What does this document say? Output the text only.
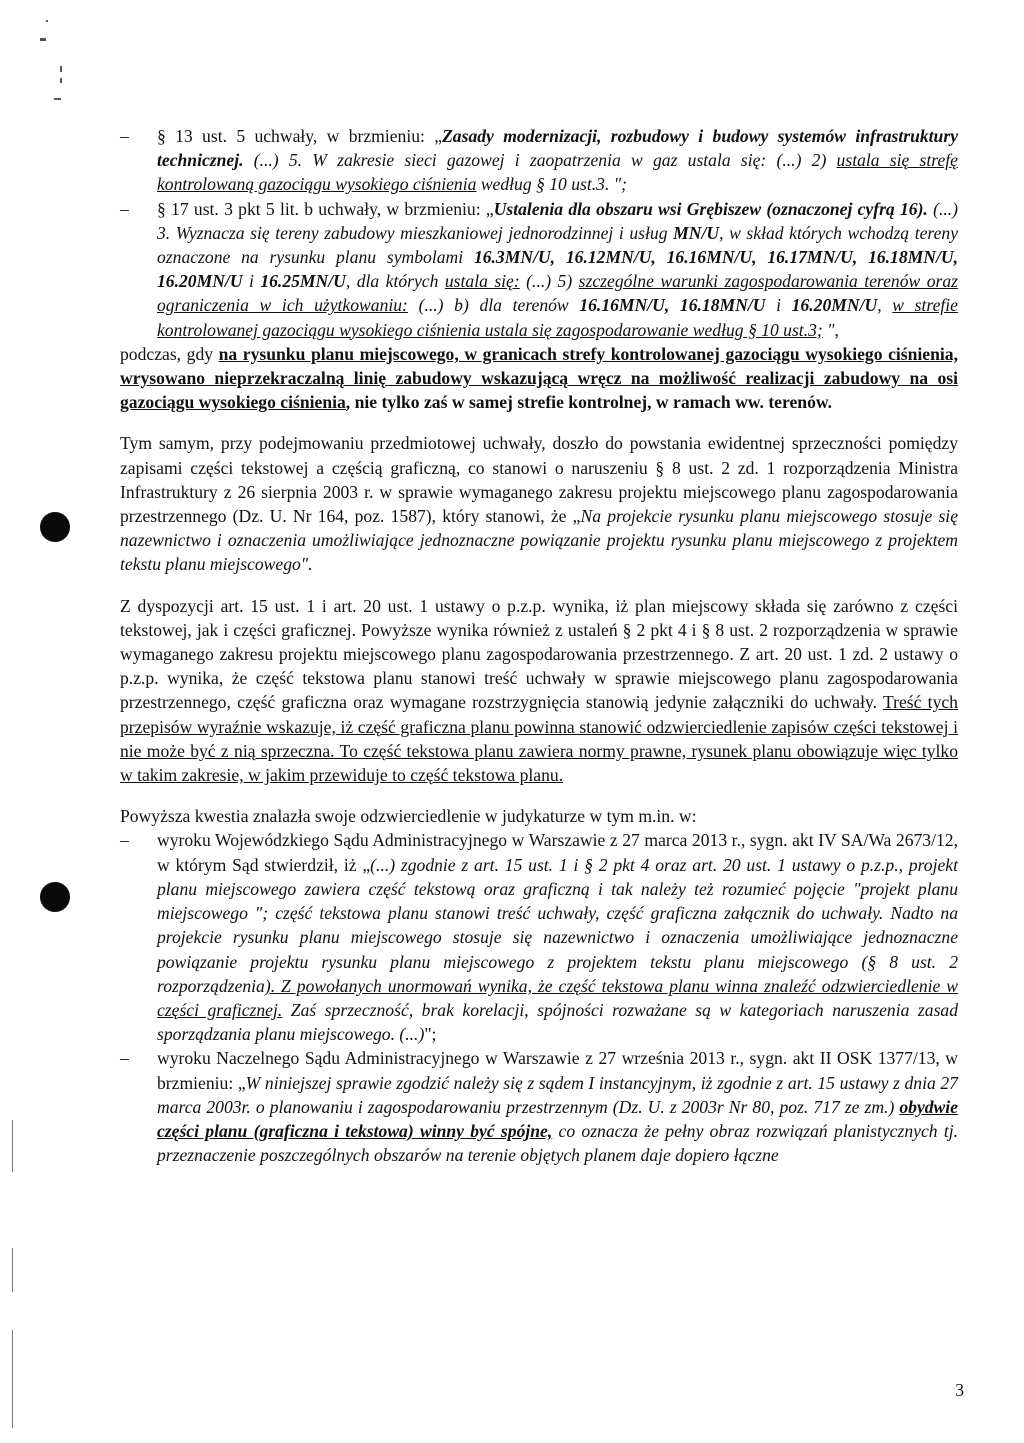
– § 13 ust. 5 uchwały, w brzmieniu: „Zasady modernizacji, rozbudowy i budowy systemów infrastruktury technicznej. (...) 5. W zakresie sieci gazowej i zaopatrzenia w gaz ustala się: (...) 2) ustala się strefę kontrolowaną gazociągu wysokiego ciśnienia według § 10 ust.3. ";
– § 17 ust. 3 pkt 5 lit. b uchwały, w brzmieniu: „Ustalenia dla obszaru wsi Grębiszew (oznaczonej cyfrą 16). (...) 3. Wyznacza się tereny zabudowy mieszkaniowej jednorodzinnej i usług MN/U, w skład których wchodzą tereny oznaczone na rysunku planu symbolami 16.3MN/U, 16.12MN/U, 16.16MN/U, 16.17MN/U, 16.18MN/U, 16.20MN/U i 16.25MN/U, dla których ustala się: (...) 5) szczególne warunki zagospodarowania terenów oraz ograniczenia w ich użytkowaniu: (...) b) dla terenów 16.16MN/U, 16.18MN/U i 16.20MN/U, w strefie kontrolowanej gazociągu wysokiego ciśnienia ustala się zagospodarowanie według § 10 ust.3; ",

podczas, gdy na rysunku planu miejscowego, w granicach strefy kontrolowanej gazociągu wysokiego ciśnienia, wrysowano nieprzekraczalną linię zabudowy wskazującą wręcz na możliwość realizacji zabudowy na osi gazociągu wysokiego ciśnienia, nie tylko zaś w samej strefie kontrolnej, w ramach ww. terenów.

Tym samym, przy podejmowaniu przedmiotowej uchwały, doszło do powstania ewidentnej sprzeczności pomiędzy zapisami części tekstowej a częścią graficzną, co stanowi o naruszeniu § 8 ust. 2 zd. 1 rozporządzenia Ministra Infrastruktury z 26 sierpnia 2003 r. w sprawie wymaganego zakresu projektu miejscowego planu zagospodarowania przestrzennego (Dz. U. Nr 164, poz. 1587), który stanowi, że „Na projekcie rysunku planu miejscowego stosuje się nazewnictwo i oznaczenia umożliwiające jednoznaczne powiązanie projektu rysunku planu miejscowego z projektem tekstu planu miejscowego".

Z dyspozycji art. 15 ust. 1 i art. 20 ust. 1 ustawy o p.z.p. wynika, iż plan miejscowy składa się zarówno z części tekstowej, jak i części graficznej. Powyższe wynika również z ustaleń § 2 pkt 4 i § 8 ust. 2 rozporządzenia w sprawie wymaganego zakresu projektu miejscowego planu zagospodarowania przestrzennego. Z art. 20 ust. 1 zd. 2 ustawy o p.z.p. wynika, że część tekstowa planu stanowi treść uchwały w sprawie miejscowego planu zagospodarowania przestrzennego, część graficzna oraz wymagane rozstrzygnięcia stanowią jedynie załączniki do uchwały. Treść tych przepisów wyraźnie wskazuje, iż część graficzna planu powinna stanowić odzwierciedlenie zapisów części tekstowej i nie może być z nią sprzeczna. To część tekstowa planu zawiera normy prawne, rysunek planu obowiązuje więc tylko w takim zakresie, w jakim przewiduje to część tekstowa planu.

Powyższa kwestia znalazła swoje odzwierciedlenie w judykaturze w tym m.in. w:

– wyroku Wojewódzkiego Sądu Administracyjnego w Warszawie z 27 marca 2013 r., sygn. akt IV SA/Wa 2673/12, w którym Sąd stwierdził, iż „(...) zgodnie z art. 15 ust. 1 i § 2 pkt 4 oraz art. 20 ust. 1 ustawy o p.z.p., projekt planu miejscowego zawiera część tekstową oraz graficzną i tak należy też rozumieć pojęcie "projekt planu miejscowego "; część tekstowa planu stanowi treść uchwały, część graficzna załącznik do uchwały. Nadto na projekcie rysunku planu miejscowego stosuje się nazewnictwo i oznaczenia umożliwiające jednoznaczne powiązanie projektu rysunku planu miejscowego z projektem tekstu planu miejscowego (§ 8 ust. 2 rozporządzenia). Z powołanych unormowań wynika, że część tekstowa planu winna znaleźć odzwierciedlenie w części graficznej. Zaś sprzeczność, brak korelacji, spójności rozważane są w kategoriach naruszenia zasad sporządzania planu miejscowego. (...)";
– wyroku Naczelnego Sądu Administracyjnego w Warszawie z 27 września 2013 r., sygn. akt II OSK 1377/13, w brzmieniu: „W niniejszej sprawie zgodzić należy się z sądem I instancyjnym, iż zgodnie z art. 15 ustawy z dnia 27 marca 2003r. o planowaniu i zagospodarowaniu przestrzennym (Dz. U. z 2003r Nr 80, poz. 717 ze zm.) obydwie części planu (graficzna i tekstowa) winny być spójne, co oznacza że pełny obraz rozwiązań planistycznych tj. przeznaczenie poszczególnych obszarów na terenie objętych planem daje dopiero łączne
3
